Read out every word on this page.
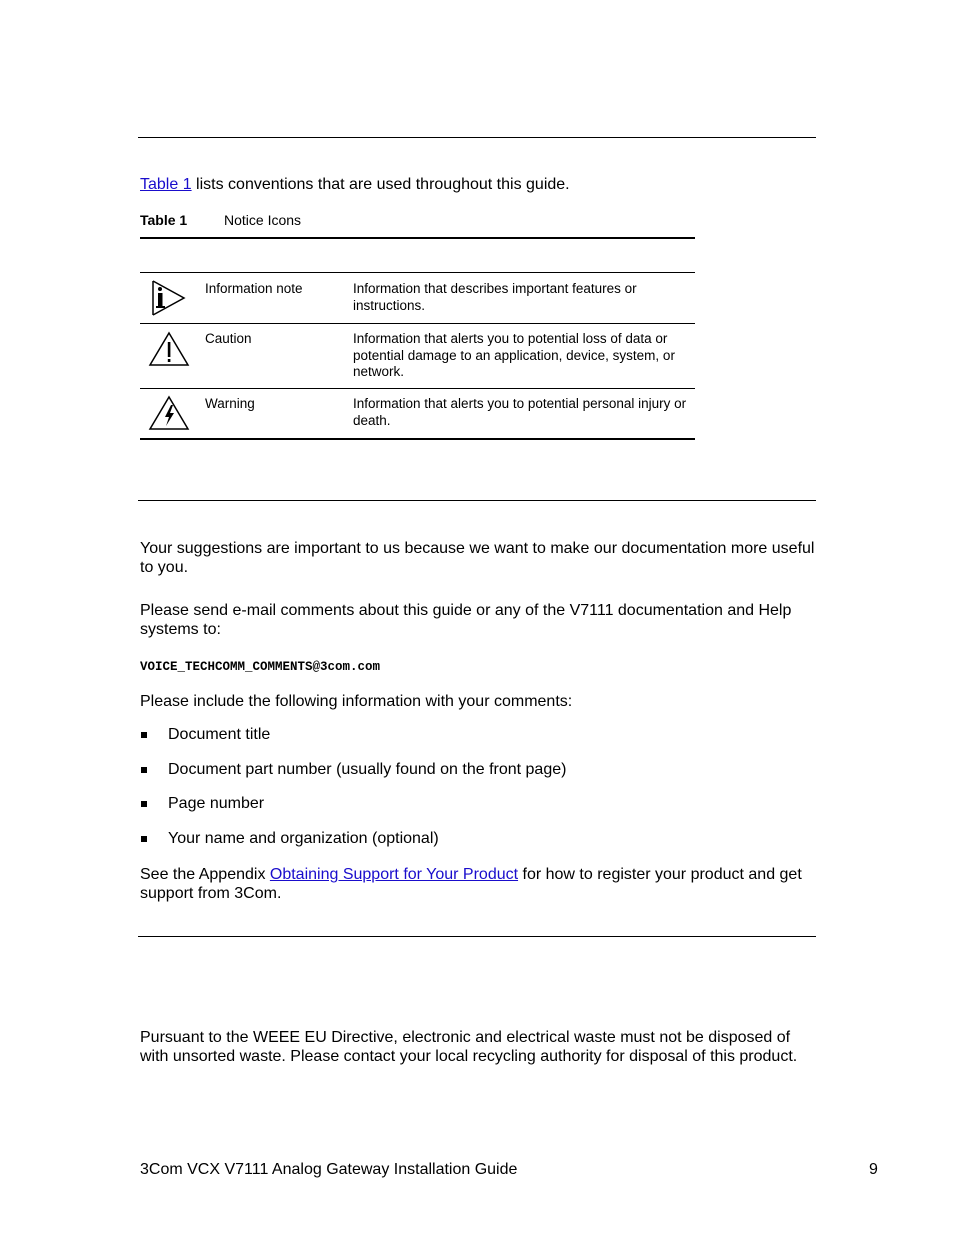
Table 1 lists conventions that are used throughout this guide.
Table 1	Notice Icons
Information note	Information that describes important features or instructions.
Caution	Information that alerts you to potential loss of data or potential damage to an application, device, system, or network.
Warning	Information that alerts you to potential personal injury or death.
Your suggestions are important to us because we want to make our documentation more useful to you.
Please send e-mail comments about this guide or any of the V7111 documentation and Help systems to:
VOICE_TECHCOMM_COMMENTS@3com.com
Please include the following information with your comments:
Document title
Document part number (usually found on the front page)
Page number
Your name and organization (optional)
See the Appendix Obtaining Support for Your Product for how to register your product and get support from 3Com.
Pursuant to the WEEE EU Directive, electronic and electrical waste must not be disposed of with unsorted waste. Please contact your local recycling authority for disposal of this product.
3Com VCX V7111 Analog Gateway Installation Guide	9
